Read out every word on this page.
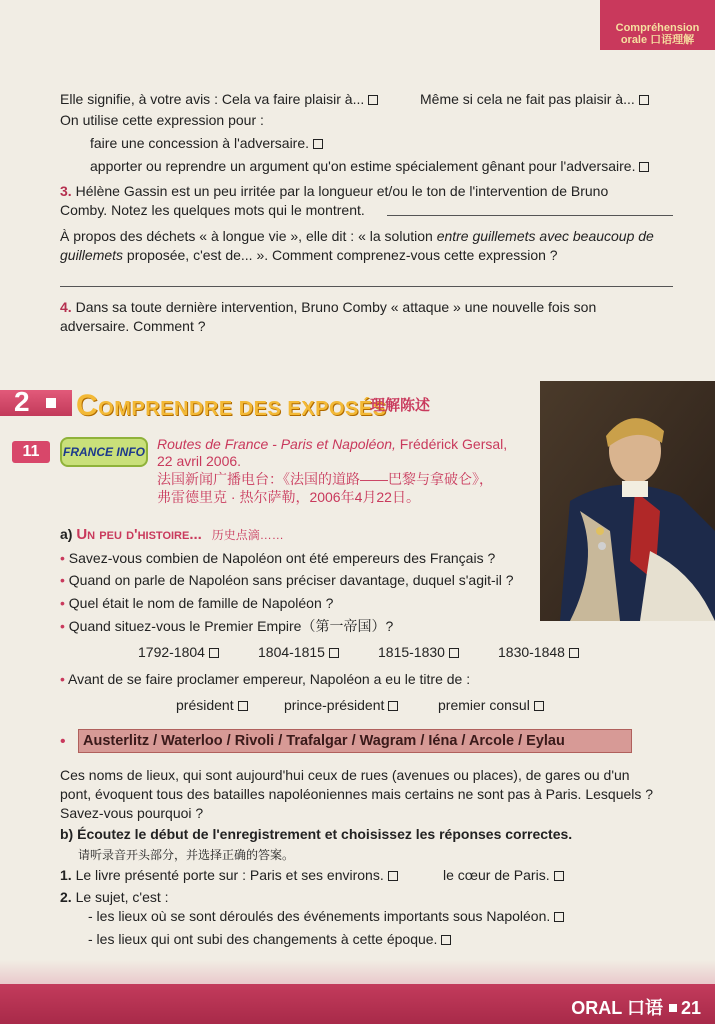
Compréhension
orale 口语理解
Elle signifie, à votre avis : Cela va faire plaisir à...	Même si cela ne fait pas plaisir à...
On utilise cette expression pour :
faire une concession à l'adversaire.
apporter ou reprendre un argument qu'on estime spécialement gênant pour l'adversaire.
3. Hélène Gassin est un peu irritée par la longueur et/ou le ton de l'intervention de Bruno
Comby. Notez les quelques mots qui le montrent.
À propos des déchets « à longue vie », elle dit : « la solution entre guillemets avec beaucoup de
guillemets proposée, c'est de... ». Comment comprenez-vous cette expression ?
4. Dans sa toute dernière intervention, Bruno Comby « attaque » une nouvelle fois son
adversaire. Comment ?
2 COMPRENDRE DES EXPOSÉS
理解陈述
11	FRANCE INFO Routes de France - Paris et Napoléon, Frédérick Gersal,
22 avril 2006.
法国新闻广播电台：《法国的道路——巴黎与拿破仑》，
弗雷德里克 · 热尔萨勒，2006年4月22日。
a) Un peu d'histoire... 历史点滴……
• Savez-vous combien de Napoléon ont été empereurs des Français ?
• Quand on parle de Napoléon sans préciser davantage, duquel s'agit-il ?
• Quel était le nom de famille de Napoléon ?
• Quand situez-vous le Premier Empire（第一帝国）?
1792-1804	1804-1815	1815-1830	1830-1848
• Avant de se faire proclamer empereur, Napoléon a eu le titre de :
président	prince-président	premier consul
• Austerlitz / Waterloo / Rivoli / Trafalgar / Wagram / Iéna / Arcole / Eylau
Ces noms de lieux, qui sont aujourd'hui ceux de rues (avenues ou places), de gares ou d'un
pont, évoquent tous des batailles napoléoniennes mais certains ne sont pas à Paris. Lesquels ?
Savez-vous pourquoi ?
b) Écoutez le début de l'enregistrement et choisissez les réponses correctes.
请听录音开头部分，并选择正确的答案。
1. Le livre présenté porte sur : Paris et ses environs.	le cœur de Paris.
2. Le sujet, c'est :
- les lieux où se sont déroulés des événements importants sous Napoléon.
- les lieux qui ont subi des changements à cette époque.
ORAL 口语 21
